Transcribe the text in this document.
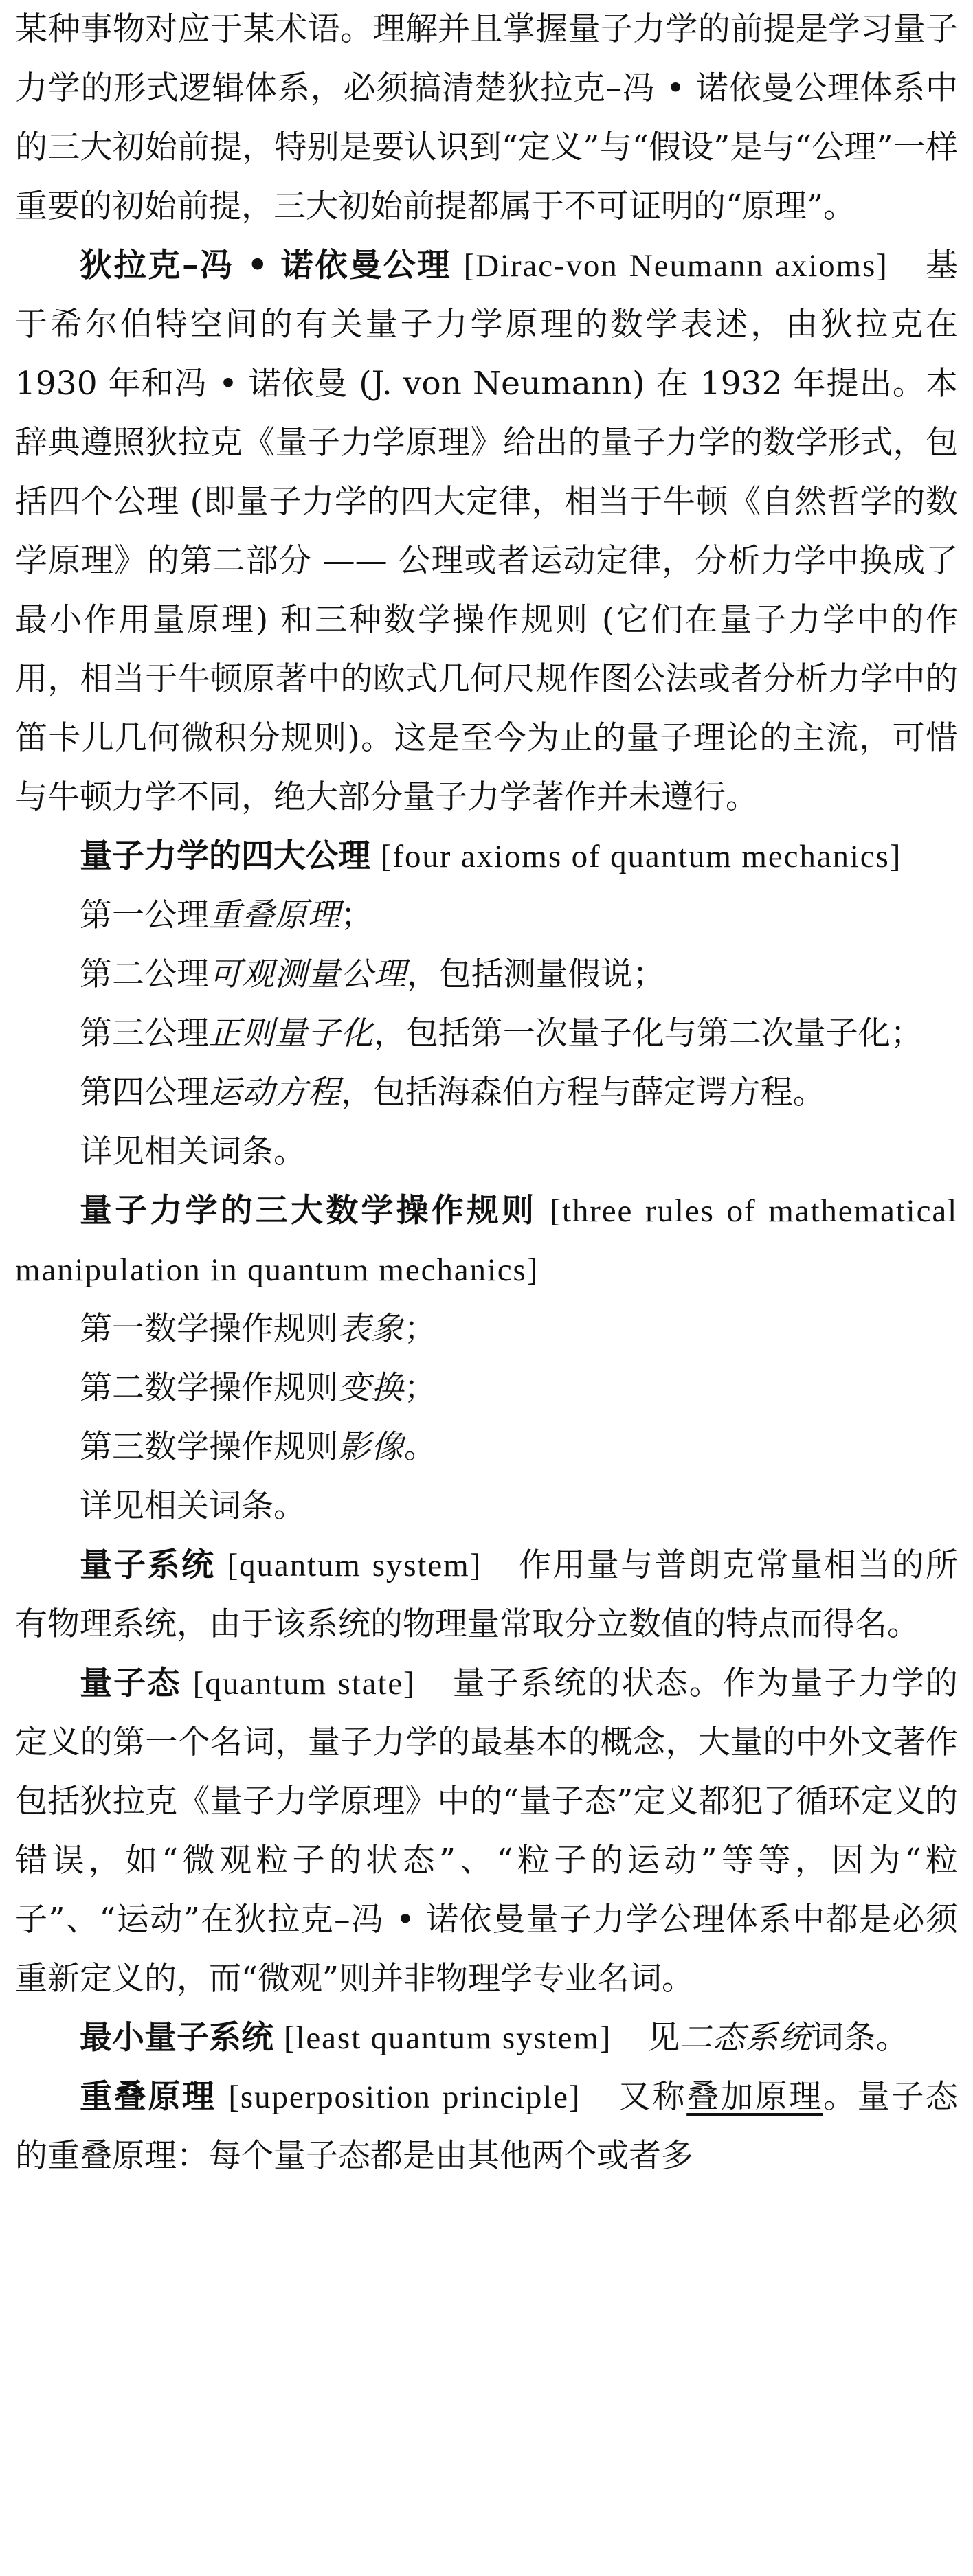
某种事物对应于某术语。理解并且掌握量子力学的前提是学习量子力学的形式逻辑体系，必须搞清楚狄拉克–冯 • 诺依曼公理体系中的三大初始前提，特别是要认识到“定义”与“假设”是与“公理”一样重要的初始前提，三大初始前提都属于不可证明的“原理”。

狄拉克–冯 • 诺依曼公理 [Dirac-von Neumann axioms] 基于希尔伯特空间的有关量子力学原理的数学表述，由狄拉克在 1930 年和冯 • 诺依曼 (J. von Neumann) 在 1932 年提出。本辞典遵照狄拉克《量子力学原理》给出的量子力学的数学形式，包括四个公理 (即量子力学的四大定律，相当于牛顿《自然哲学的数学原理》的第二部分 —— 公理或者运动定律，分析力学中换成了最小作用量原理) 和三种数学操作规则 (它们在量子力学中的作用，相当于牛顿原著中的欧式几何尺规作图公法或者分析力学中的笛卡儿几何微积分规则)。这是至今为止的量子理论的主流，可惜与牛顿力学不同，绝大部分量子力学著作并未遵行。

量子力学的四大公理 [four axioms of quantum mechanics]

第一公理重叠原理；

第二公理可观测量公理，包括测量假说；

第三公理正则量子化，包括第一次量子化与第二次量子化；

第四公理运动方程，包括海森伯方程与薛定谔方程。

详见相关词条。

量子力学的三大数学操作规则 [three rules of mathematical manipulation in quantum mechanics]

第一数学操作规则表象；

第二数学操作规则变换；

第三数学操作规则影像。

详见相关词条。

量子系统 [quantum system] 作用量与普朗克常量相当的所有物理系统，由于该系统的物理量常取分立数值的特点而得名。

量子态 [quantum state] 量子系统的状态。作为量子力学的定义的第一个名词，量子力学的最基本的概念，大量的中外文著作包括狄拉克《量子力学原理》中的“量子态”定义都犯了循环定义的错误，如“微观粒子的状态”、“粒子的运动”等等，因为“粒子”、“运动”在狄拉克–冯 • 诺依曼量子力学公理体系中都是必须重新定义的，而“微观”则并非物理学专业名词。

最小量子系统 [least quantum system] 见二态系统词条。

重叠原理 [superposition principle] 又称叠加原理。量子态的重叠原理：每个量子态都是由其他两个或者多
